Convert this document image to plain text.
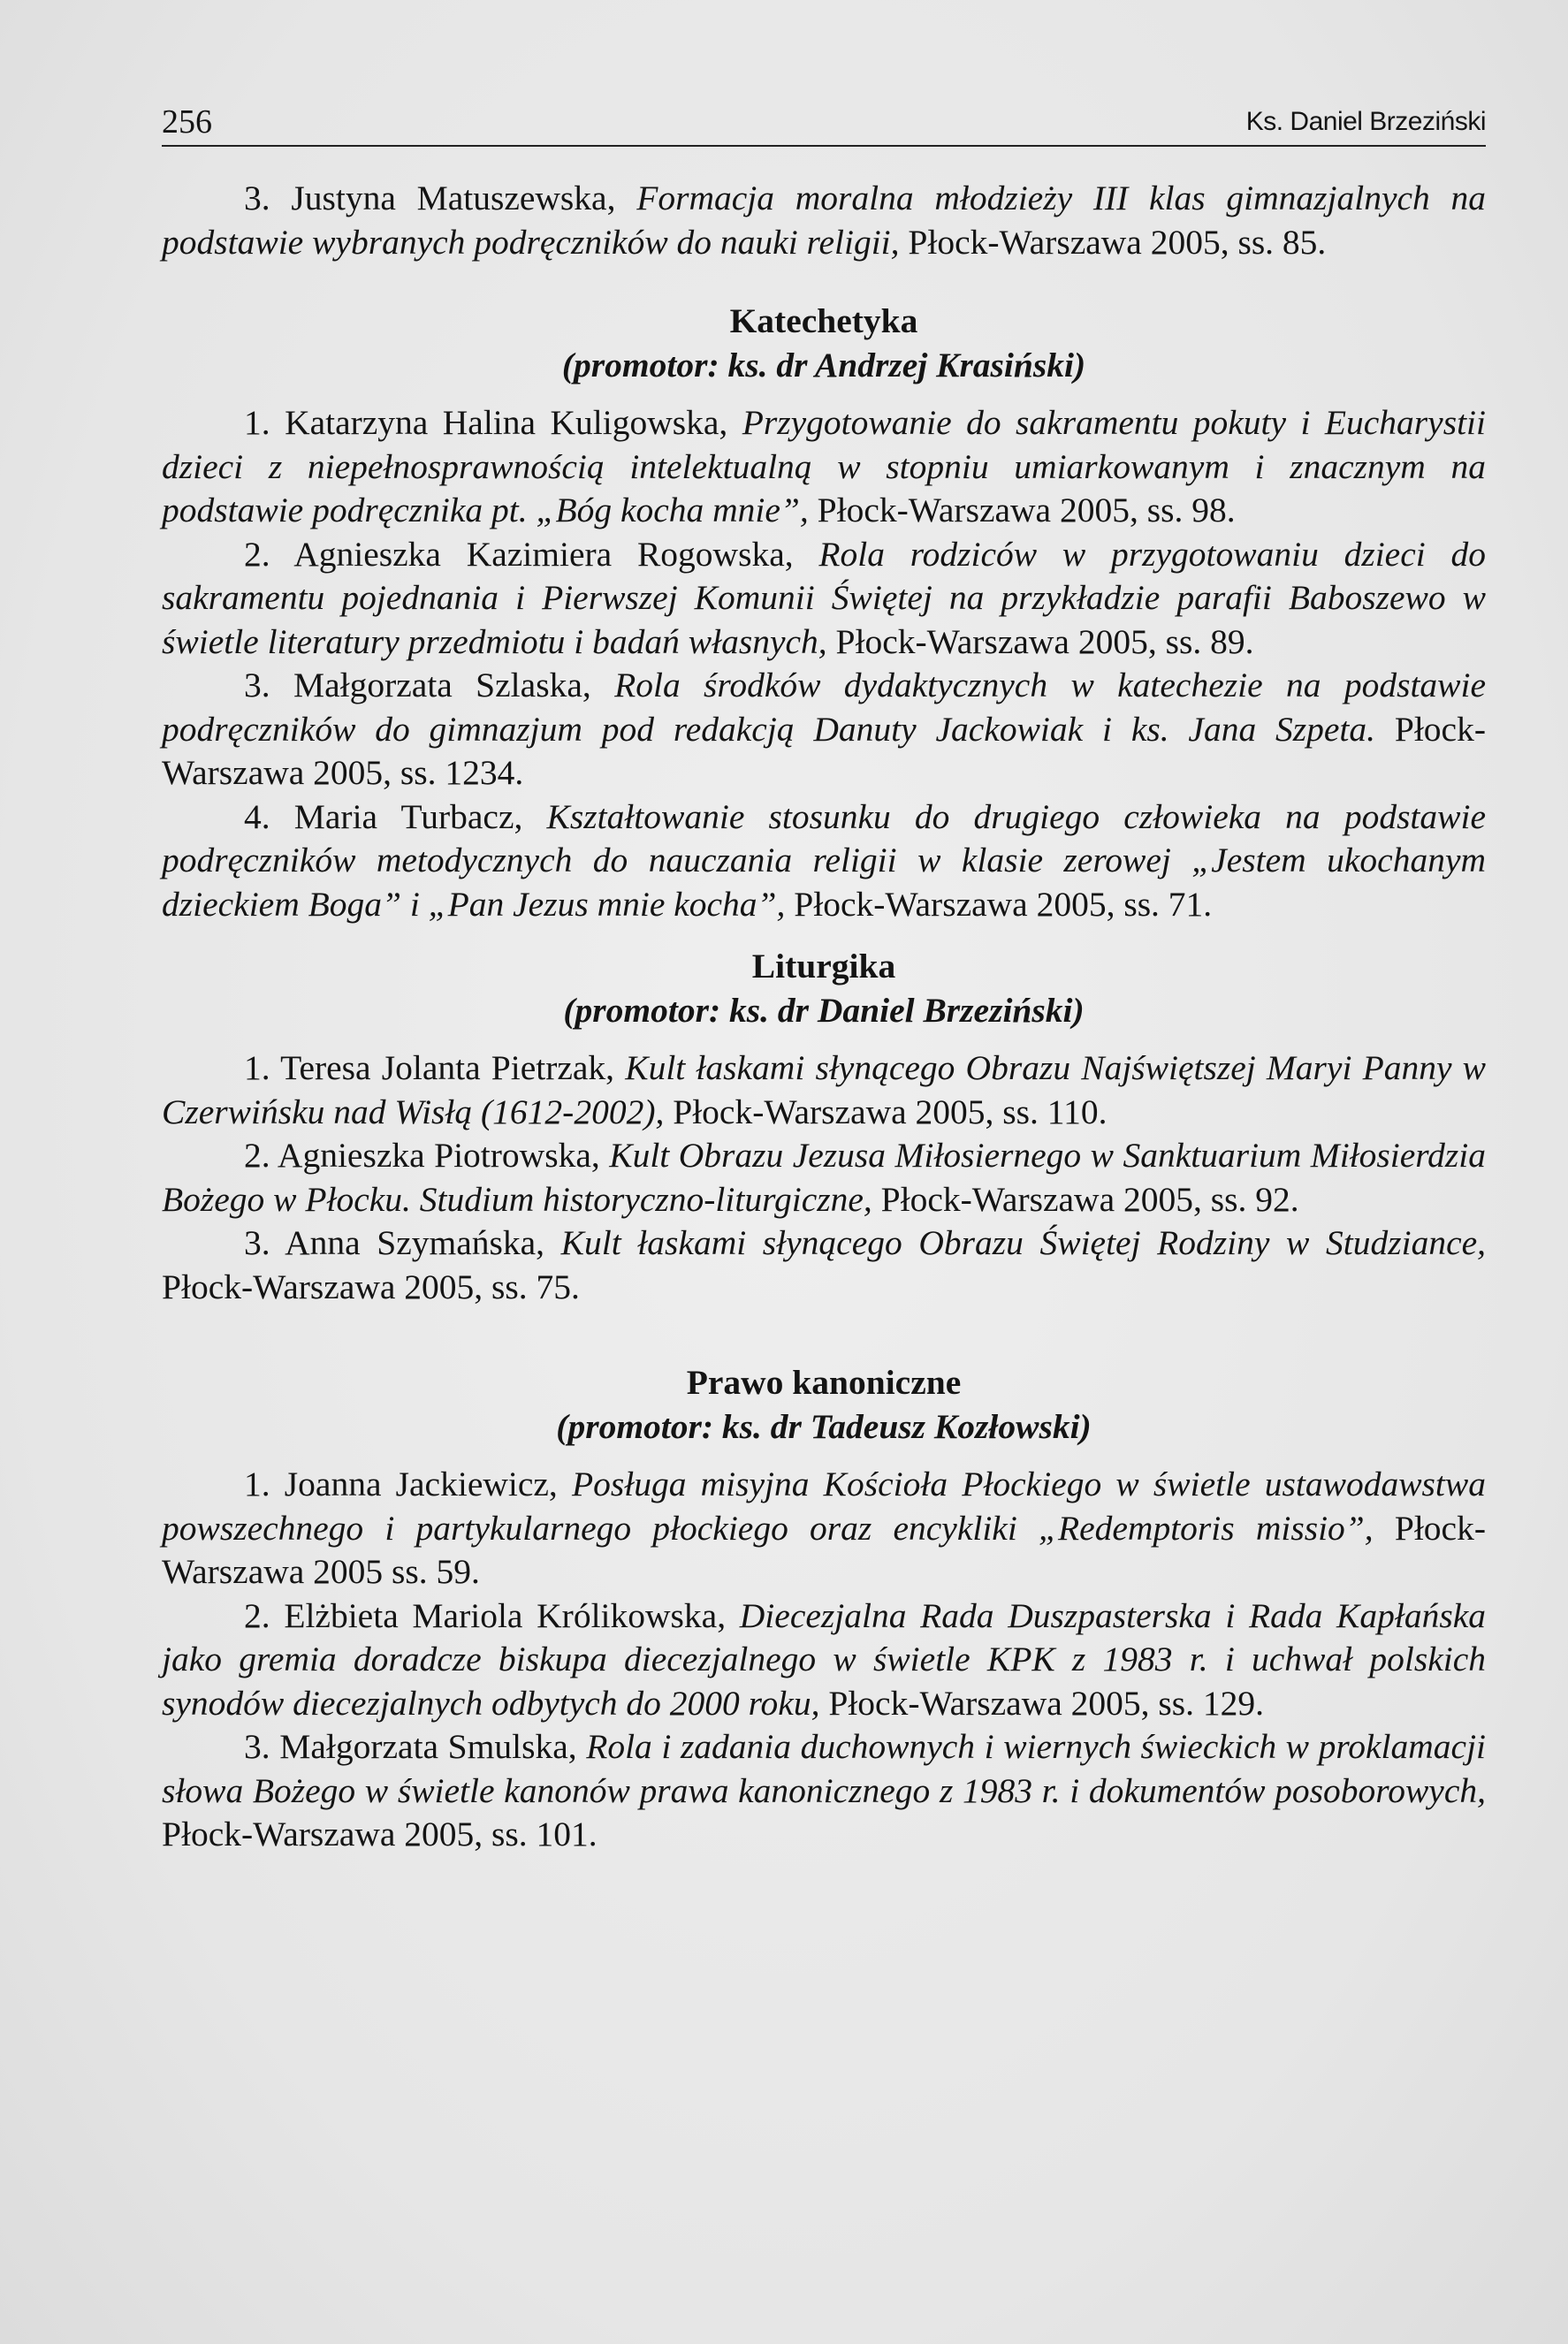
256	Ks. Daniel Brzeziński

3. Justyna Matuszewska, Formacja moralna młodzieży III klas gimnazjalnych na podstawie wybranych podręczników do nauki religii, Płock-Warszawa 2005, ss. 85.

Katechetyka
(promotor: ks. dr Andrzej Krasiński)

1. Katarzyna Halina Kuligowska, Przygotowanie do sakramentu pokuty i Eucharystii dzieci z niepełnosprawnością intelektualną w stopniu umiarkowanym i znacznym na podstawie podręcznika pt. „Bóg kocha mnie”, Płock-Warszawa 2005, ss. 98.

2. Agnieszka Kazimiera Rogowska, Rola rodziców w przygotowaniu dzieci do sakramentu pojednania i Pierwszej Komunii Świętej na przykładzie parafii Baboszewo w świetle literatury przedmiotu i badań własnych, Płock-Warszawa 2005, ss. 89.

3. Małgorzata Szlaska, Rola środków dydaktycznych w katechezie na podstawie podręczników do gimnazjum pod redakcją Danuty Jackowiak i ks. Jana Szpeta. Płock-Warszawa 2005, ss. 1234.

4. Maria Turbacz, Kształtowanie stosunku do drugiego człowieka na podstawie podręczników metodycznych do nauczania religii w klasie zerowej „Jestem ukochanym dzieckiem Boga” i „Pan Jezus mnie kocha”, Płock-Warszawa 2005, ss. 71.

Liturgika
(promotor: ks. dr Daniel Brzeziński)

1. Teresa Jolanta Pietrzak, Kult łaskami słynącego Obrazu Najświętszej Maryi Panny w Czerwińsku nad Wisłą (1612-2002), Płock-Warszawa 2005, ss. 110.

2. Agnieszka Piotrowska, Kult Obrazu Jezusa Miłosiernego w Sanktuarium Miłosierdzia Bożego w Płocku. Studium historyczno-liturgiczne, Płock-Warszawa 2005, ss. 92.

3. Anna Szymańska, Kult łaskami słynącego Obrazu Świętej Rodziny w Studziance, Płock-Warszawa 2005, ss. 75.

Prawo kanoniczne
(promotor: ks. dr Tadeusz Kozłowski)

1. Joanna Jackiewicz, Posługa misyjna Kościoła Płockiego w świetle ustawodawstwa powszechnego i partykularnego płockiego oraz encykliki „Redemptoris missio”, Płock-Warszawa 2005 ss. 59.

2. Elżbieta Mariola Królikowska, Diecezjalna Rada Duszpasterska i Rada Kapłańska jako gremia doradcze biskupa diecezjalnego w świetle KPK z 1983 r. i uchwał polskich synodów diecezjalnych odbytych do 2000 roku, Płock-Warszawa 2005, ss. 129.

3. Małgorzata Smulska, Rola i zadania duchownych i wiernych świeckich w proklamacji słowa Bożego w świetle kanonów prawa kanonicznego z 1983 r. i dokumentów posoborowych, Płock-Warszawa 2005, ss. 101.
